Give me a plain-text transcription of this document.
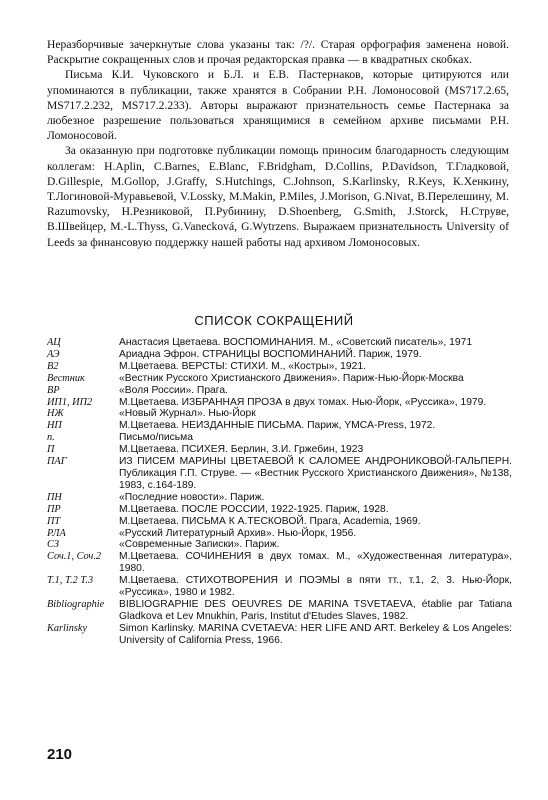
Неразборчивые зачеркнутые слова указаны так: /?/. Старая орфография заменена новой. Раскрытие сокращенных слов и прочая редакторская правка — в квадратных скобках.

Письма К.И. Чуковского и Б.Л. и Е.В. Пастернаков, которые цитируются или упоминаются в публикации, также хранятся в Собрании Р.Н. Ломоносовой (MS717.2.65, MS717.2.232, MS717.2.233). Авторы выражают признательность семье Пастернака за любезное разрешение пользоваться хранящимися в семейном архиве письмами Р.Н. Ломоносовой.

За оказанную при подготовке публикации помощь приносим благодарность следующим коллегам: H.Aplin, C.Barnes, E.Blanc, F.Bridgham, D.Collins, P.Davidson, Т.Гладковой, D.Gillespie, M.Gollop, J.Graffy, S.Hutchings, C.Johnson, S.Karlinsky, R.Keys, К.Хенкину, Т.Логиновой-Муравьевой, V.Lossky, M.Makin, P.Miles, J.Morison, G.Nivat, В.Перелешину, M. Razumovsky, Н.Резниковой, П.Рубинину, D.Shoenberg, G.Smith, J.Storck, Н.Струве, В.Швейцер, M.-L.Thyss, G.Vanecková, G.Wytrzens. Выражаем признательность University of Leeds за финансовую поддержку нашей работы над архивом Ломоносовых.

СПИСОК СОКРАЩЕНИЙ
АЦ	Анастасия Цветаева. ВОСПОМИНАНИЯ. М., «Советский писатель», 1971
АЭ	Ариадна Эфрон. СТРАНИЦЫ ВОСПОМИНАНИЙ. Париж, 1979.
В2	М.Цветаева. ВЕРСТЫ: СТИХИ. М., «Костры», 1921.
Вестник	«Вестник Русского Христианского Движения». Париж-Нью-Йорк-Москва
ВР	«Воля России». Прага.
ИП1, ИП2	М.Цветаева. ИЗБРАННАЯ ПРОЗА в двух томах. Нью-Йорк, «Руссика», 1979.
НЖ	«Новый Журнал». Нью-Йорк
НП	М.Цветаева. НЕИЗДАННЫЕ ПИСЬМА. Париж, YMCA-Press, 1972.
п.	Письмо/письма
П	М.Цветаева. ПСИХЕЯ. Берлин, З.И. Гржебин, 1923
ПАГ	ИЗ ПИСЕМ МАРИНЫ ЦВЕТАЕВОЙ К САЛОМЕЕ АНДРОНИКОВОЙ-ГАЛЬПЕРН. Публикация Г.П. Струве. — «Вестник Русского Христианского Движения», №138, 1983, с.164-189.
ПН	«Последние новости». Париж.
ПР	М.Цветаева. ПОСЛЕ РОССИИ, 1922-1925. Париж, 1928.
ПТ	М.Цветаева. ПИСЬМА К А.ТЕСКОВОЙ. Прага, Academia, 1969.
РЛА	«Русский Литературный Архив». Нью-Йорк, 1956.
СЗ	«Современные Записки». Париж.
Соч.1, Соч.2	М.Цветаева. СОЧИНЕНИЯ в двух томах. М., «Художественная литература», 1980.
Т.1, Т.2 Т.3	М.Цветаева. СТИХОТВОРЕНИЯ И ПОЭМЫ в пяти тт., т.1, 2, 3. Нью-Йорк, «Руссика», 1980 и 1982.
Bibliographie	BIBLIOGRAPHIE DES OEUVRES DE MARINA TSVETAEVA, établie par Tatiana Gladkova et Lev Mnukhin, Paris, Institut d'Etudes Slaves, 1982.
Karlinsky	Simon Karlinsky. MARINA CVETAEVA: HER LIFE AND ART. Berkeley & Los Angeles: University of California Press, 1966.
210
